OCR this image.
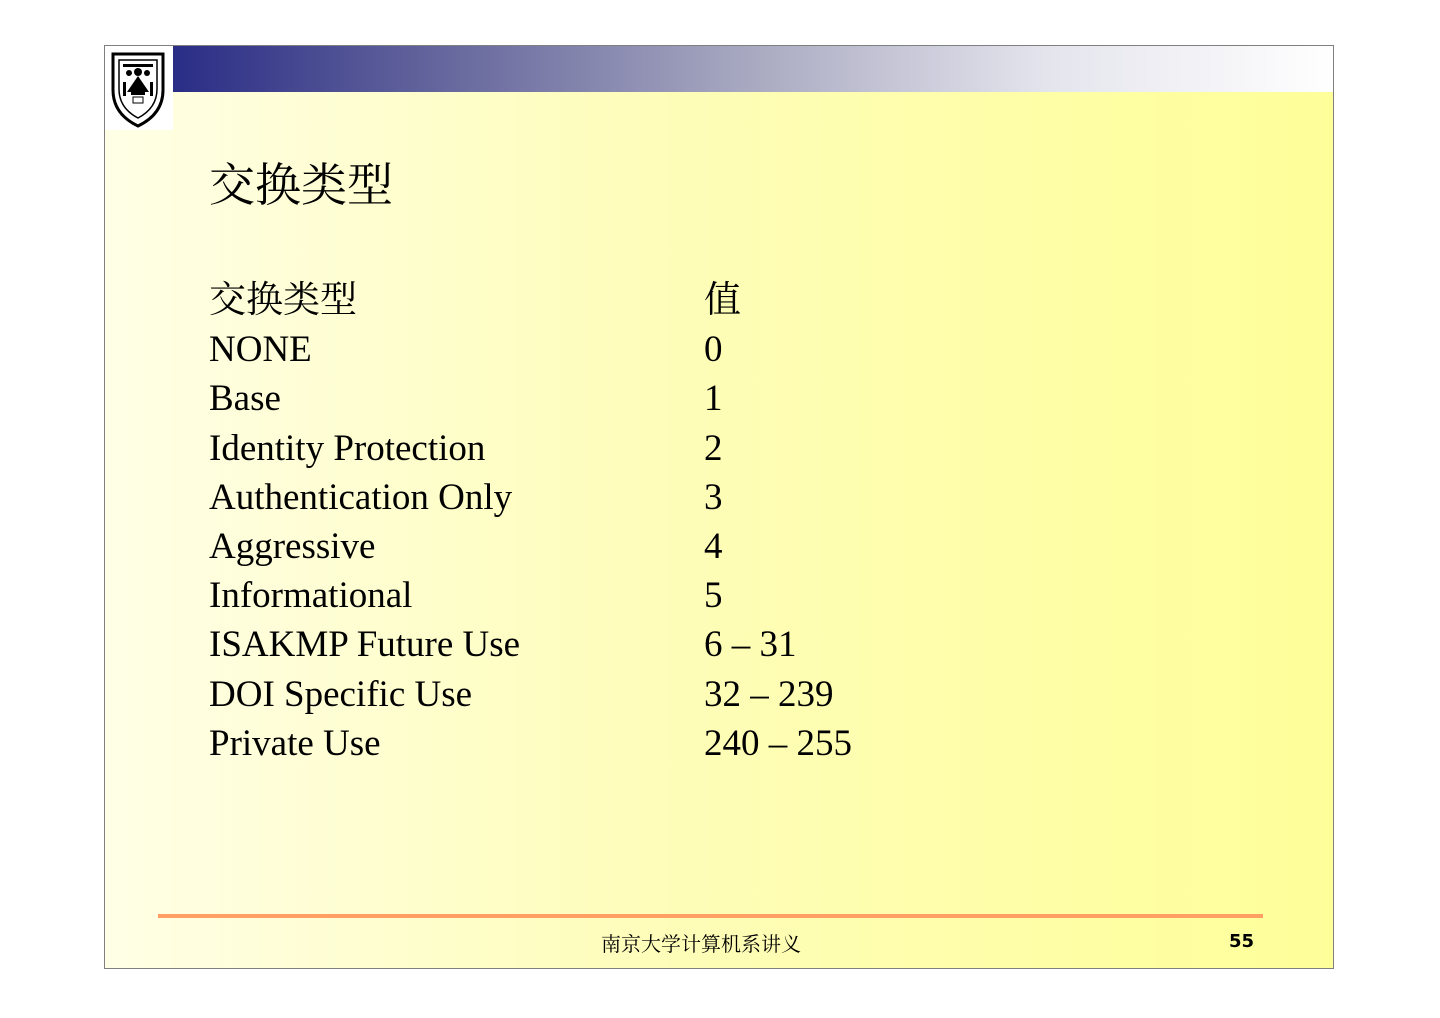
交换类型
交换类型	值
NONE	0
Base	1
Identity Protection	2
Authentication Only	3
Aggressive	4
Informational	5
ISAKMP Future Use	6 – 31
DOI Specific Use	32 – 239
Private Use	240 – 255
南京大学计算机系讲义	55
